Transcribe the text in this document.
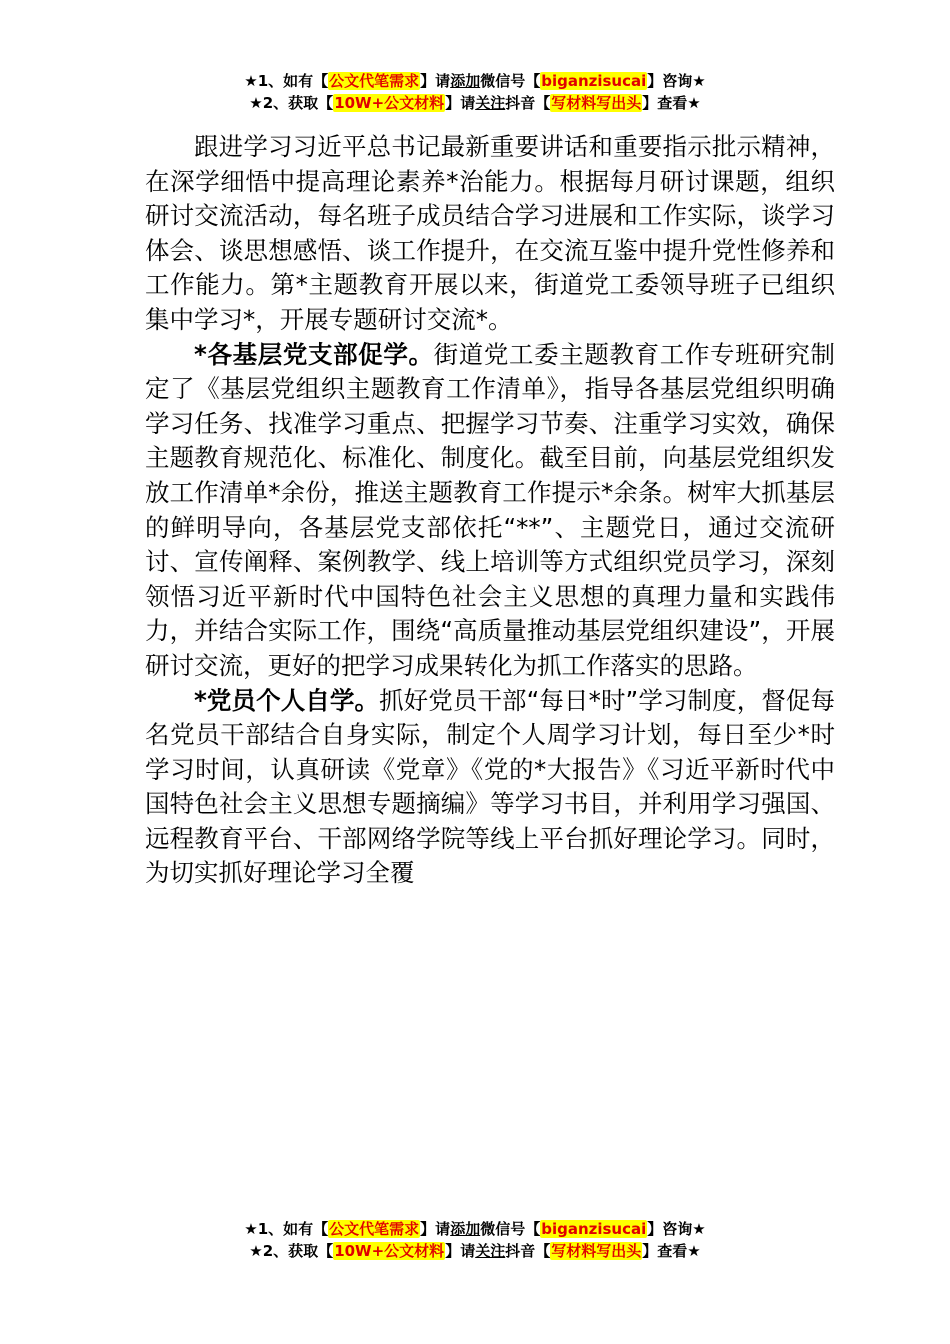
★1、如有【公文代笔需求】请添加微信号【biganzisucai】咨询★
★2、获取【10W+公文材料】请关注抖音【写材料写出头】查看★

跟进学习习近平总书记最新重要讲话和重要指示批示精神，在深学细悟中提高理论素养*治能力。根据每月研讨课题，组织研讨交流活动，每名班子成员结合学习进展和工作实际，谈学习体会、谈思想感悟、谈工作提升，在交流互鉴中提升党性修养和工作能力。第*主题教育开展以来，街道党工委领导班子已组织集中学习*，开展专题研讨交流*。

*各基层党支部促学。街道党工委主题教育工作专班研究制定了《基层党组织主题教育工作清单》，指导各基层党组织明确学习任务、找准学习重点、把握学习节奏、注重学习实效，确保主题教育规范化、标准化、制度化。截至目前，向基层党组织发放工作清单*余份，推送主题教育工作提示*余条。树牢大抓基层的鲜明导向，各基层党支部依托“**”、主题党日，通过交流研讨、宣传阐释、案例教学、线上培训等方式组织党员学习，深刻领悟习近平新时代中国特色社会主义思想的真理力量和实践伟力，并结合实际工作，围绕“高质量推动基层党组织建设”，开展研讨交流，更好的把学习成果转化为抓工作落实的思路。

*党员个人自学。抓好党员干部“每日*时”学习制度，督促每名党员干部结合自身实际，制定个人周学习计划，每日至少*时学习时间，认真研读《党章》《党的*大报告》《习近平新时代中国特色社会主义思想专题摘编》等学习书目，并利用学习强国、远程教育平台、干部网络学院等线上平台抓好理论学习。同时，为切实抓好理论学习全覆

★1、如有【公文代笔需求】请添加微信号【biganzisucai】咨询★
★2、获取【10W+公文材料】请关注抖音【写材料写出头】查看★
